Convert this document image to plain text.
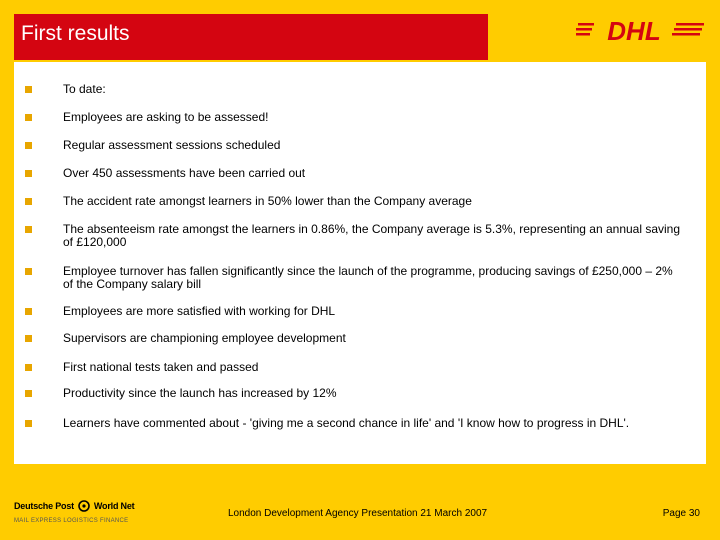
First results	DHL
To date:
Employees are asking to be assessed!
Regular assessment sessions scheduled
Over 450 assessments have been carried out
The accident rate amongst learners in 50% lower than the Company average
The absenteeism rate amongst the learners in 0.86%, the Company average is 5.3%, representing an annual saving of £120,000
Employee turnover has fallen significantly since the launch of the programme, producing savings of £250,000 – 2% of the Company salary bill
Employees are more satisfied with working for DHL
Supervisors are championing employee development
First national tests taken and passed
Productivity since the launch has increased by 12%
Learners have commented about - 'giving me a second chance in life' and 'I know how to progress in DHL'.
Deutsche Post World Net
MAIL EXPRESS LOGISTICS FINANCE
London Development Agency Presentation 21 March 2007	Page 30
